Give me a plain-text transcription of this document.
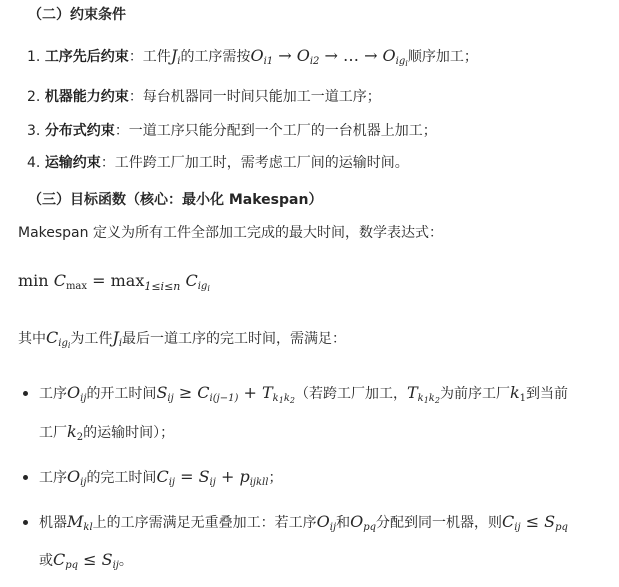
（二）约束条件
1. 工序先后约束：工件$J_i$的工序需按$O_{i1} \to O_{i2}$ → … → $O_{ig_i}$顺序加工；
2. 机器能力约束：每台机器同一时间只能加工一道工序；
3. 分布式约束：一道工序只能分配到一个工厂的一台机器上加工；
4. 运输约束：工件跨工厂加工时，需考虑工厂间的运输时间。
（三）目标函数（核心：最小化 Makespan）
Makespan 定义为所有工件全部加工完成的最大时间，数学表达式：
$\min C_{max} = \max_{1\le i\le n} C_{ig_i}$
其中$C_{ig_i}$为工件$J_i$最后一道工序的完工时间，需满足：
工序$O_{ij}$的开工时间$S_{ij} \ge C_{i(j-1)} + T_{k_1k_2}$（若跨工厂加工，$T_{k_1k_2}$为前序工厂$k_1$到当前
工厂$k_2$的运输时间）；
工序$O_{ij}$的完工时间$C_{ij} = S_{ij} + p_{ijkll}$；
机器$M_{kl}$上的工序需满足无重叠加工：若工序$O_{ij}$和$O_{pq}$分配到同一机器，则$C_{ij} \le S_{pq}$
或$C_{pq} \le S_{ij}$。
